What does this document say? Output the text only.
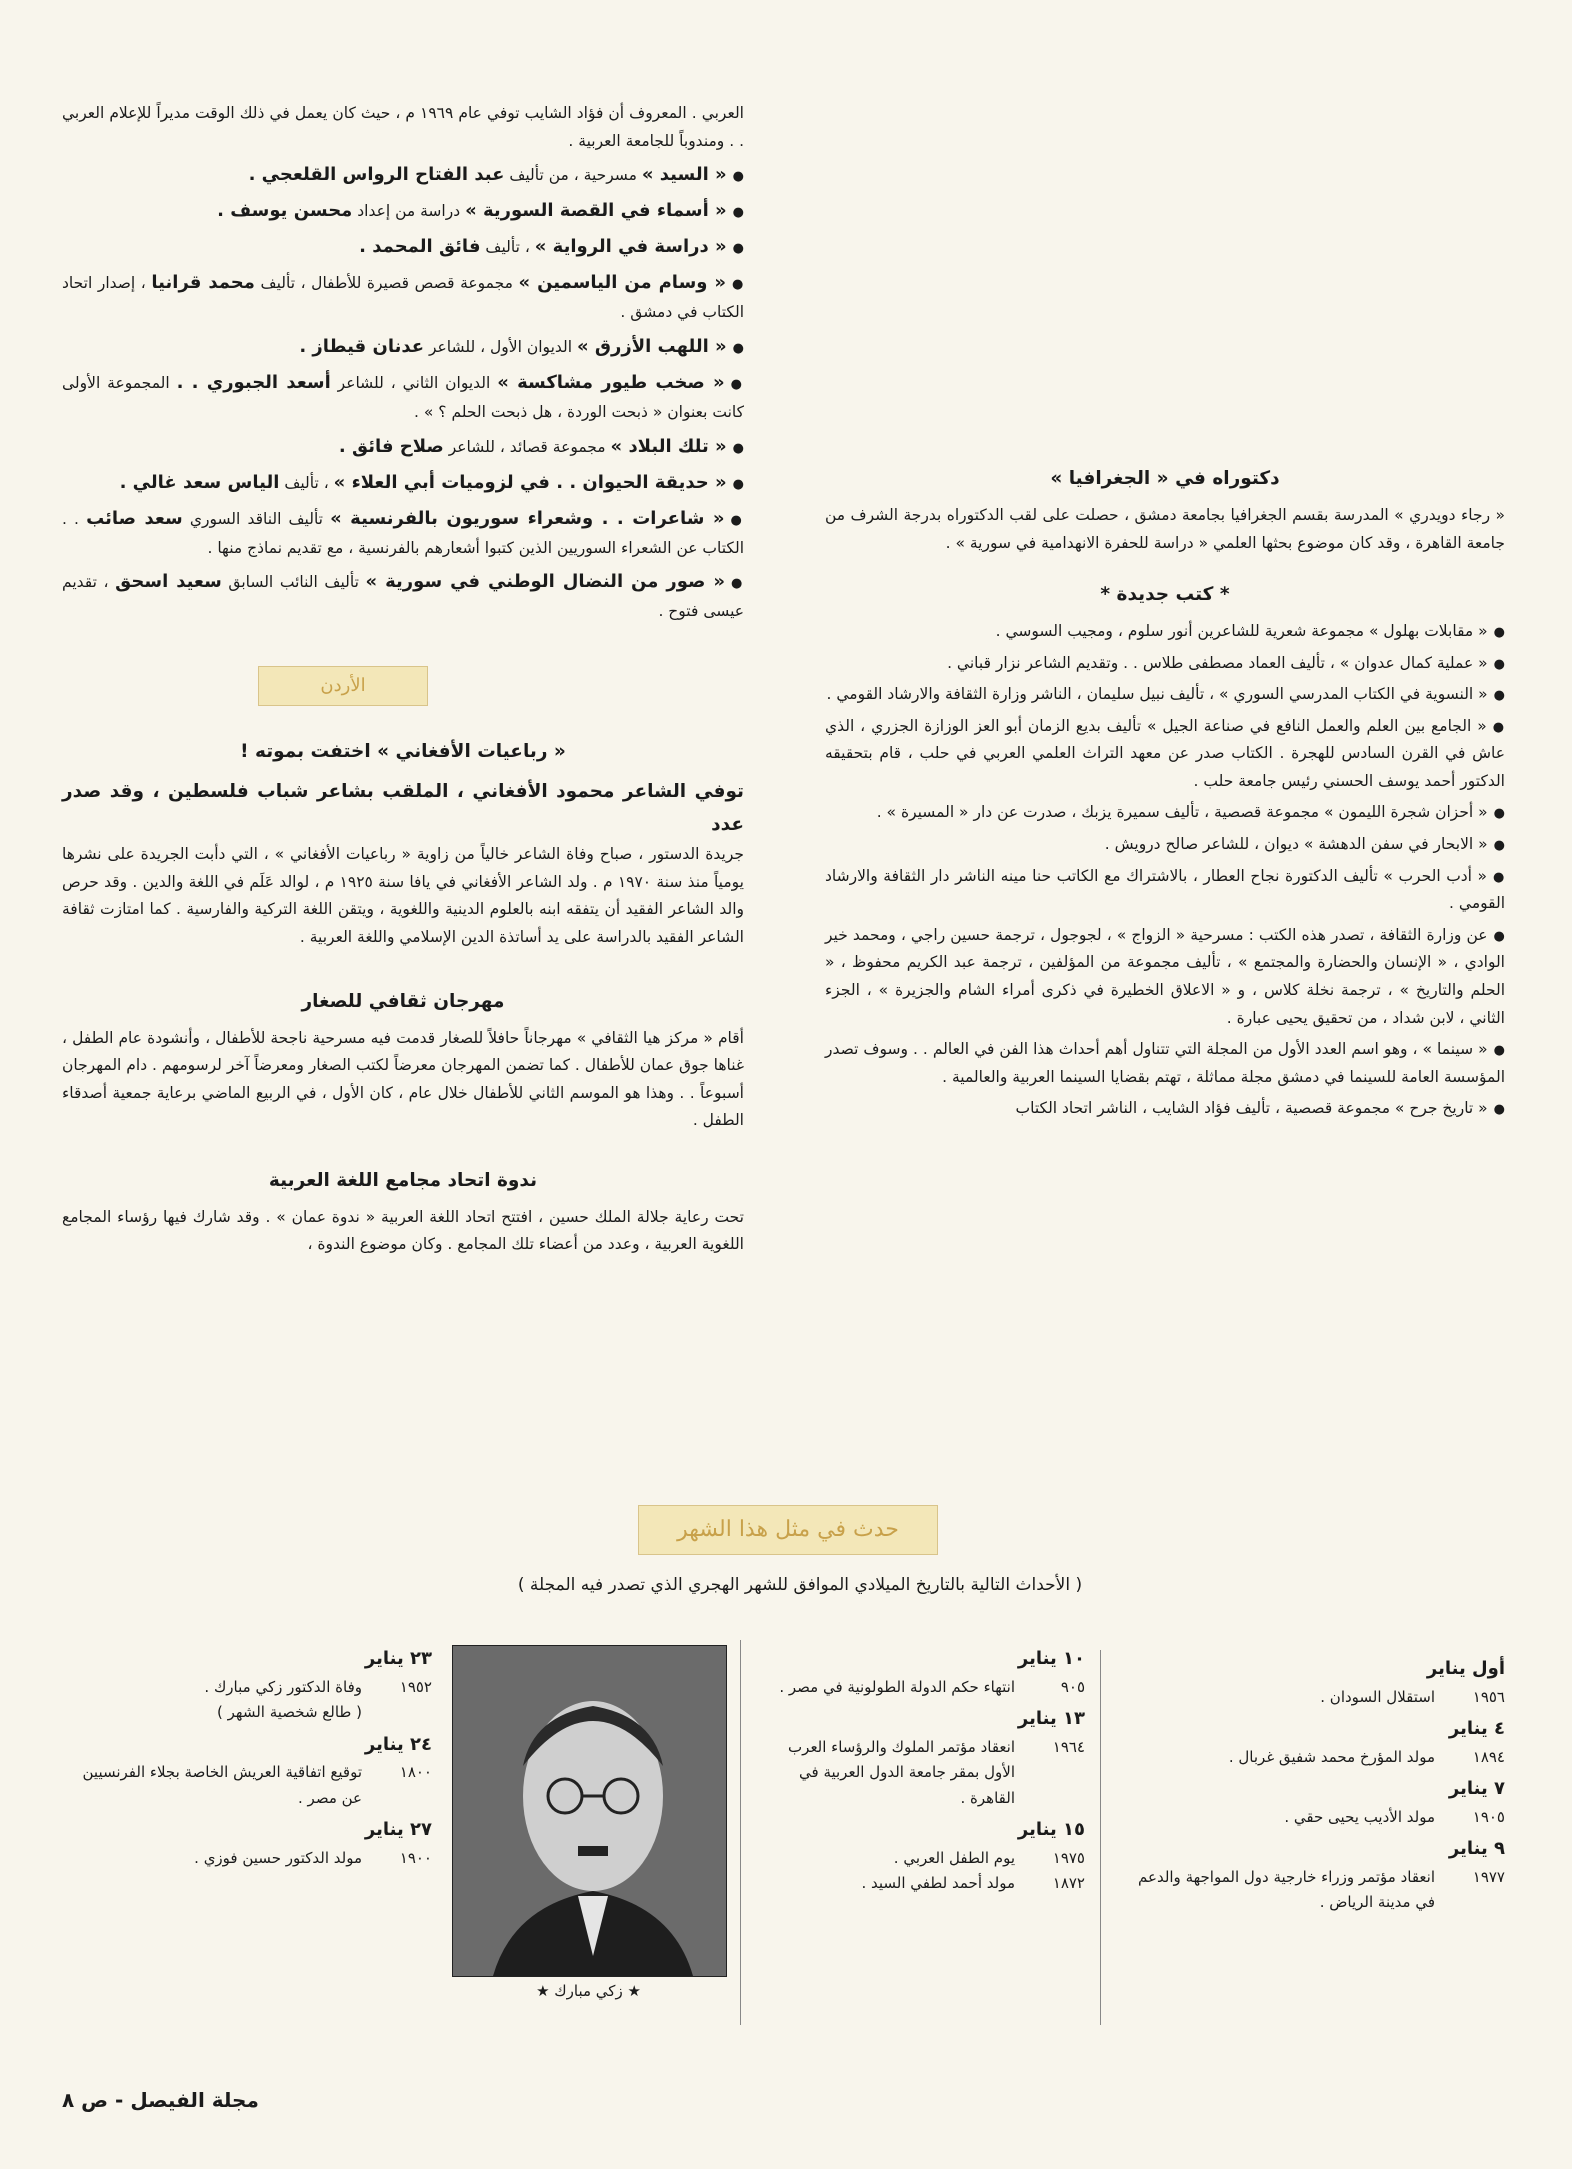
العربي . المعروف أن فؤاد الشايب توفي عام ١٩٦٩ م ، حيث كان يعمل في ذلك الوقت مديراً للإعلام العربي . . ومندوباً للجامعة العربية .

● « السيد » مسرحية ، من تأليف عبد الفتاح الرواس القلعجي .

● « أسماء في القصة السورية » دراسة من إعداد محسن يوسف .

● « دراسة في الرواية » ، تأليف فائق المحمد .

● « وسام من الياسمين » مجموعة قصص قصيرة للأطفال ، تأليف محمد قرانيا ، إصدار اتحاد الكتاب في دمشق .

● « اللهب الأزرق » الديوان الأول ، للشاعر عدنان قيطاز .

● « صخب طيور مشاكسة » الديوان الثاني ، للشاعر أسعد الجبوري . . المجموعة الأولى كانت بعنوان « ذبحت الوردة ، هل ذبحت الحلم ؟ » .

● « تلك البلاد » مجموعة قصائد ، للشاعر صلاح فائق .

● « حديقة الحيوان . . في لزوميات أبي العلاء » ، تأليف الياس سعد غالي .

● « شاعرات . . وشعراء سوريون بالفرنسية » تأليف الناقد السوري سعد صائب . . الكتاب عن الشعراء السوريين الذين كتبوا أشعارهم بالفرنسية ، مع تقديم نماذج منها .

● « صور من النضال الوطني في سورية » تأليف النائب السابق سعيد اسحق ، تقديم عيسى فتوح .

الأردن
« رباعيات الأفغاني » اختفت بموته !

توفي الشاعر محمود الأفغاني ، الملقب بشاعر شباب فلسطين ، وقد صدر عدد

جريدة الدستور ، صباح وفاة الشاعر خالياً من زاوية « رباعيات الأفغاني » ، التي دأبت الجريدة على نشرها يومياً منذ سنة ١٩٧٠ م . ولد الشاعر الأفغاني في يافا سنة ١٩٢٥ م ، لوالد عَلَم في اللغة والدين . وقد حرص والد الشاعر الفقيد أن يتفقه ابنه بالعلوم الدينية واللغوية ، ويتقن اللغة التركية والفارسية . كما امتازت ثقافة الشاعر الفقيد بالدراسة على يد أساتذة الدين الإسلامي واللغة العربية .

مهرجان ثقافي للصغار

أقام « مركز هيا الثقافي » مهرجاناً حافلاً للصغار قدمت فيه مسرحية ناجحة للأطفال ، وأنشودة عام الطفل ، غناها جوق عمان للأطفال . كما تضمن المهرجان معرضاً لكتب الصغار ومعرضاً آخر لرسومهم . دام المهرجان أسبوعاً . . وهذا هو الموسم الثاني للأطفال خلال عام ، كان الأول ، في الربيع الماضي برعاية جمعية أصدقاء الطفل .

ندوة اتحاد مجامع اللغة العربية

تحت رعاية جلالة الملك حسين ، افتتح اتحاد اللغة العربية « ندوة عمان » . وقد شارك فيها رؤساء المجامع اللغوية العربية ، وعدد من أعضاء تلك المجامع . وكان موضوع الندوة ،

دكتوراه في « الجغرافيا »

« رجاء دويدري » المدرسة بقسم الجغرافيا بجامعة دمشق ، حصلت على لقب الدكتوراه بدرجة الشرف من جامعة القاهرة ، وقد كان موضوع بحثها العلمي « دراسة للحفرة الانهدامية في سورية » .

* كتب جديدة *

● « مقابلات بهلول » مجموعة شعرية للشاعرين أنور سلوم ، ومجيب السوسي .

● « عملية كمال عدوان » ، تأليف العماد مصطفى طلاس . . وتقديم الشاعر نزار قباني .

● « النسوية في الكتاب المدرسي السوري » ، تأليف نبيل سليمان ، الناشر وزارة الثقافة والارشاد القومي .

● « الجامع بين العلم والعمل النافع في صناعة الجيل » تأليف بديع الزمان أبو العز الوزازة الجزري ، الذي عاش في القرن السادس للهجرة . الكتاب صدر عن معهد التراث العلمي العربي في حلب ، قام بتحقيقه الدكتور أحمد يوسف الحسني رئيس جامعة حلب .

● « أحزان شجرة الليمون » مجموعة قصصية ، تأليف سميرة يزبك ، صدرت عن دار « المسيرة » .

● « الابحار في سفن الدهشة » ديوان ، للشاعر صالح درويش .

● « أدب الحرب » تأليف الدكتورة نجاح العطار ، بالاشتراك مع الكاتب حنا مينه الناشر دار الثقافة والارشاد القومي .

● عن وزارة الثقافة ، تصدر هذه الكتب : مسرحية « الزواج » ، لجوجول ، ترجمة حسين راجي ، ومحمد خير الوادي ، « الإنسان والحضارة والمجتمع » ، تأليف مجموعة من المؤلفين ، ترجمة عبد الكريم محفوظ ، « الحلم والتاريخ » ، ترجمة نخلة كلاس ، و « الاعلاق الخطيرة في ذكرى أمراء الشام والجزيرة » ، الجزء الثاني ، لابن شداد ، من تحقيق يحيى عبارة .

● « سينما » ، وهو اسم العدد الأول من المجلة التي تتناول أهم أحداث هذا الفن في العالم . . وسوف تصدر المؤسسة العامة للسينما في دمشق مجلة مماثلة ، تهتم بقضايا السينما العربية والعالمية .

● « تاريخ جرح » مجموعة قصصية ، تأليف فؤاد الشايب ، الناشر اتحاد الكتاب

حدث في مثل هذا الشهر
( الأحداث التالية بالتاريخ الميلادي الموافق للشهر الهجري الذي تصدر فيه المجلة )
أول يناير
١٩٥٦
استقلال السودان .
٤ يناير
١٨٩٤
مولد المؤرخ محمد شفيق غربال .
٧ يناير
١٩٠٥
مولد الأديب يحيى حقي .
٩ يناير
١٩٧٧
انعقاد مؤتمر وزراء خارجية دول المواجهة والدعم في مدينة الرياض .
١٠ يناير
٩٠٥
انتهاء حكم الدولة الطولونية في مصر .
١٣ يناير
١٩٦٤
انعقاد مؤتمر الملوك والرؤساء العرب الأول بمقر جامعة الدول العربية في القاهرة .
١٥ يناير
١٩٧٥
يوم الطفل العربي .
١٨٧٢
مولد أحمد لطفي السيد .
★ زكي مبارك ★
٢٣ يناير
١٩٥٢
وفاة الدكتور زكي مبارك .
( طالع شخصية الشهر )
٢٤ يناير
١٨٠٠
توقيع اتفاقية العريش الخاصة بجلاء الفرنسيين عن مصر .
٢٧ يناير
١٩٠٠
مولد الدكتور حسين فوزي .
مجلة الفيصل - ص ٨
